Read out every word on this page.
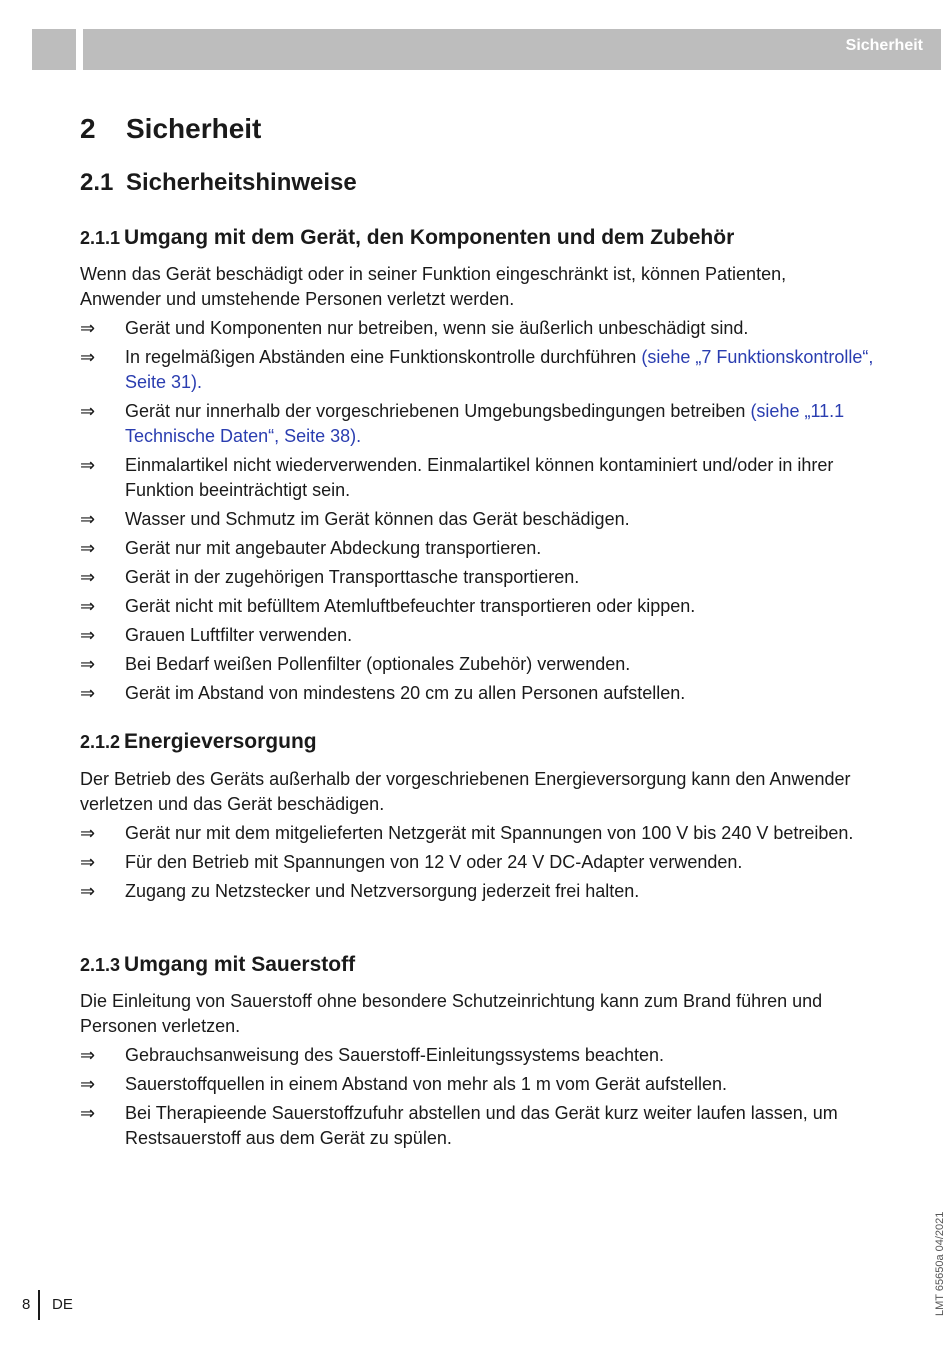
Sicherheit
2 Sicherheit
2.1 Sicherheitshinweise
2.1.1 Umgang mit dem Gerät, den Komponenten und dem Zubehör

Wenn das Gerät beschädigt oder in seiner Funktion eingeschränkt ist, können Patienten, Anwender und umstehende Personen verletzt werden.

⇒ Gerät und Komponenten nur betreiben, wenn sie äußerlich unbeschädigt sind.
⇒ In regelmäßigen Abständen eine Funktionskontrolle durchführen (siehe „7 Funktionskontrolle“, Seite 31).
⇒ Gerät nur innerhalb der vorgeschriebenen Umgebungsbedingungen betreiben (siehe „11.1 Technische Daten“, Seite 38).
⇒ Einmalartikel nicht wiederverwenden. Einmalartikel können kontaminiert und/oder in ihrer Funktion beeinträchtigt sein.
⇒ Wasser und Schmutz im Gerät können das Gerät beschädigen.
⇒ Gerät nur mit angebauter Abdeckung transportieren.
⇒ Gerät in der zugehörigen Transporttasche transportieren.
⇒ Gerät nicht mit befülltem Atemluftbefeuchter transportieren oder kippen.
⇒ Grauen Luftfilter verwenden.
⇒ Bei Bedarf weißen Pollenfilter (optionales Zubehör) verwenden.
⇒ Gerät im Abstand von mindestens 20 cm zu allen Personen aufstellen.
2.1.2 Energieversorgung

Der Betrieb des Geräts außerhalb der vorgeschriebenen Energieversorgung kann den Anwender verletzen und das Gerät beschädigen.

⇒ Gerät nur mit dem mitgelieferten Netzgerät mit Spannungen von 100 V bis 240 V betreiben.
⇒ Für den Betrieb mit Spannungen von 12 V oder 24 V DC-Adapter verwenden.
⇒ Zugang zu Netzstecker und Netzversorgung jederzeit frei halten.
2.1.3 Umgang mit Sauerstoff

Die Einleitung von Sauerstoff ohne besondere Schutzeinrichtung kann zum Brand führen und Personen verletzen.

⇒ Gebrauchsanweisung des Sauerstoff-Einleitungssystems beachten.
⇒ Sauerstoffquellen in einem Abstand von mehr als 1 m vom Gerät aufstellen.
⇒ Bei Therapieende Sauerstoffzufuhr abstellen und das Gerät kurz weiter laufen lassen, um Restsauerstoff aus dem Gerät zu spülen.
8 DE	LMT 65650a 04/2021
